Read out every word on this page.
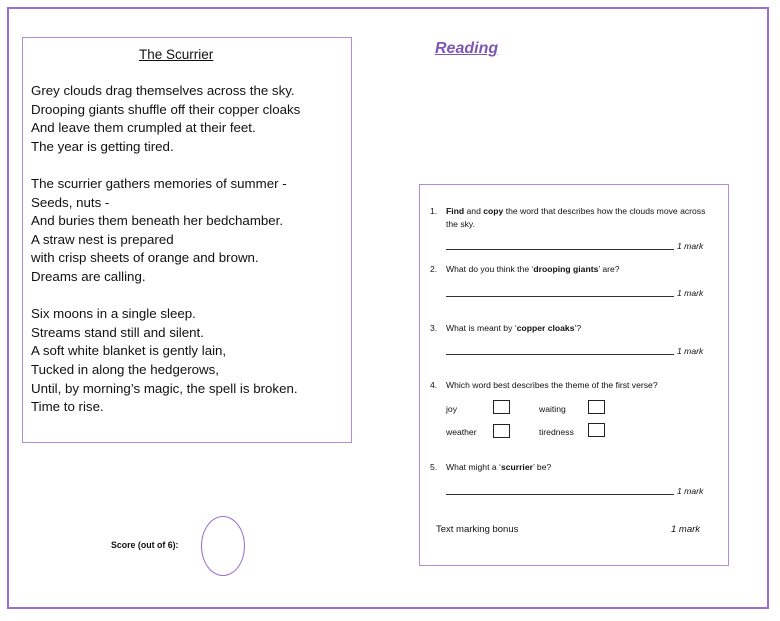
The Scurrier
Grey clouds drag themselves across the sky.
Drooping giants shuffle off their copper cloaks
And leave them crumpled at their feet.
The year is getting tired.
The scurrier gathers memories of summer -
Seeds, nuts -
And buries them beneath her bedchamber.
A straw nest is prepared
with crisp sheets of orange and brown.
Dreams are calling.
Six moons in a single sleep.
Streams stand still and silent.
A soft white blanket is gently lain,
Tucked in along the hedgerows,
Until, by morning’s magic, the spell is broken.
Time to rise.
Reading
1. Find and copy the word that describes how the clouds move across the sky.
1 mark
2. What do you think the ‘drooping giants’ are?
1 mark
3. What is meant by ‘copper cloaks’?
1 mark
4. Which word best describes the theme of the first verse?
joy	waiting
weather	tiredness
5. What might a ‘scurrier’ be?
1 mark
Text marking bonus	1 mark
Score (out of 6):
